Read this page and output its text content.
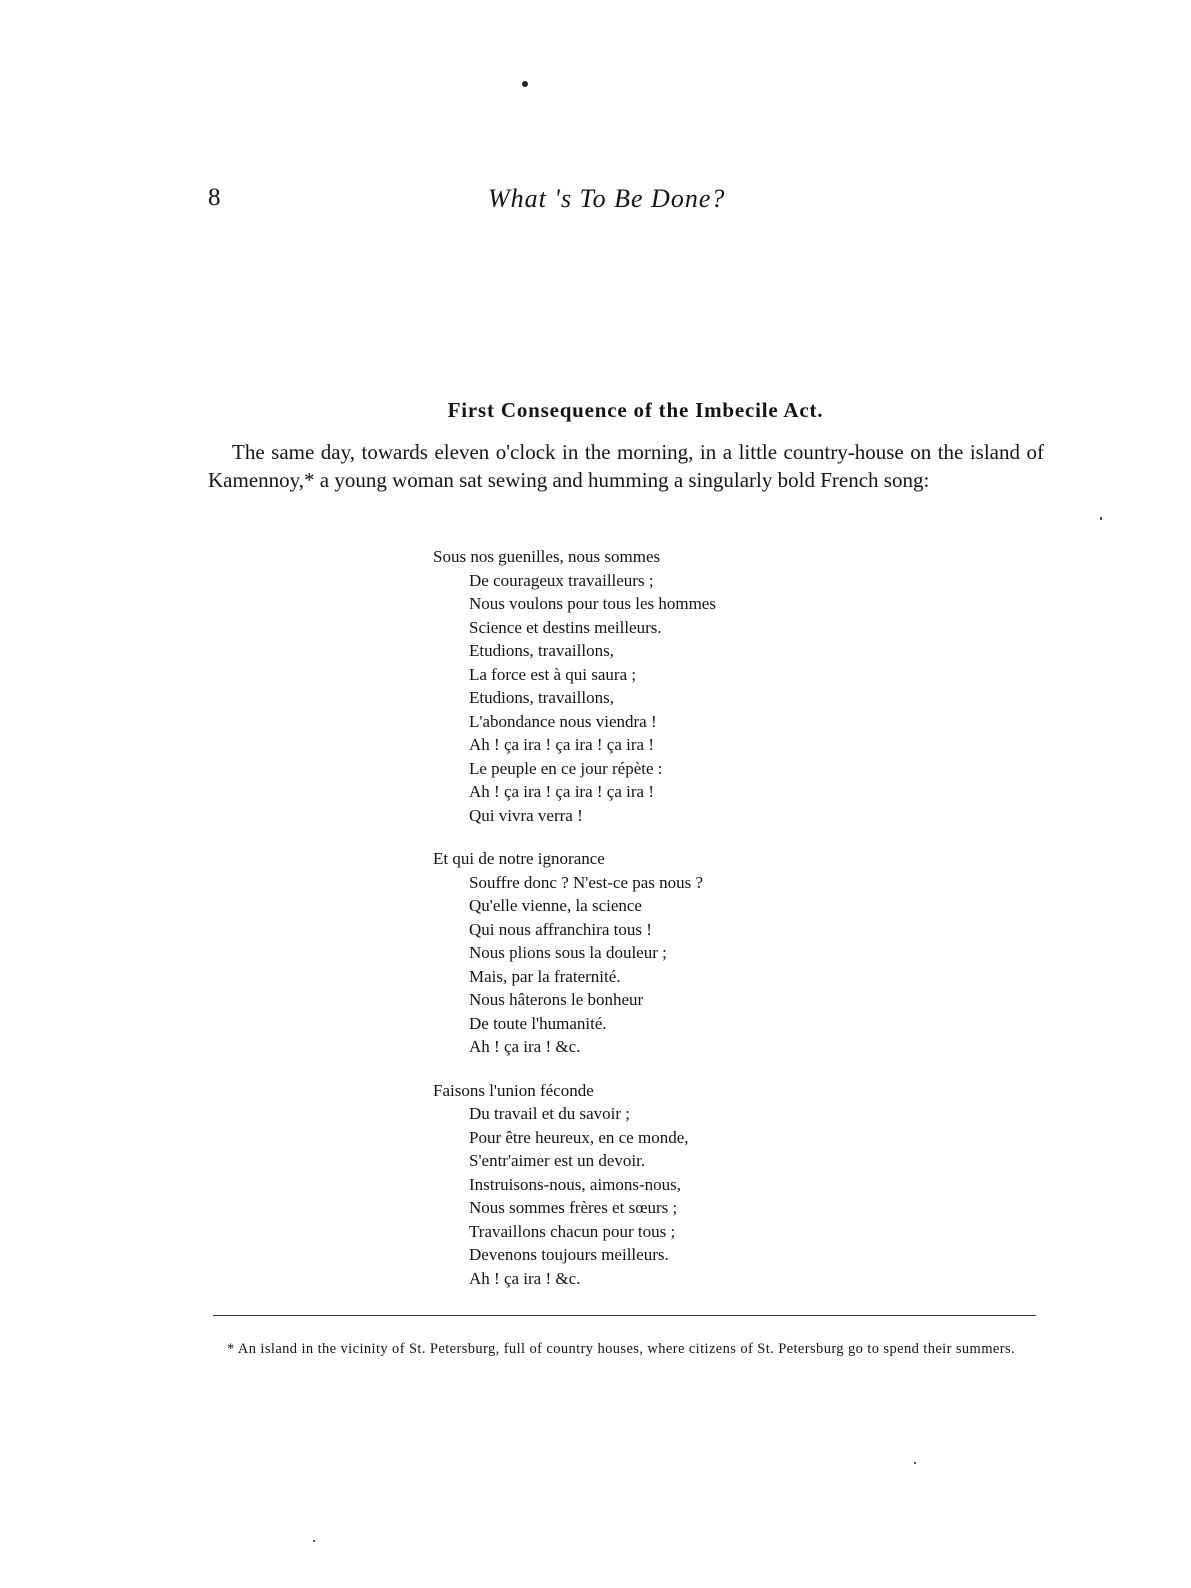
8	What 's To Be Done?
First Consequence of the Imbecile Act.

The same day, towards eleven o'clock in the morning, in a little country-house on the island of Kamennoy,* a young woman sat sewing and humming a singularly bold French song:

Sous nos guenilles, nous sommes
De courageux travailleurs ;
Nous voulons pour tous les hommes
Science et destins meilleurs.
Etudions, travaillons,
La force est à qui saura ;
Etudions, travaillons,
L'abondance nous viendra !
Ah ! ça ira ! ça ira ! ça ira !
Le peuple en ce jour répète :
Ah ! ça ira ! ça ira ! ça ira !
Qui vivra verra !
Et qui de notre ignorance
Souffre donc ? N'est-ce pas nous ?
Qu'elle vienne, la science
Qui nous affranchira tous !
Nous plions sous la douleur ;
Mais, par la fraternité.
Nous hâterons le bonheur
De toute l'humanité.
Ah ! ça ira ! &c.
Faisons l'union féconde
Du travail et du savoir ;
Pour être heureux, en ce monde,
S'entr'aimer est un devoir.
Instruisons-nous, aimons-nous,
Nous sommes frères et sœurs ;
Travaillons chacun pour tous ;
Devenons toujours meilleurs.
Ah ! ça ira ! &c.

* An island in the vicinity of St. Petersburg, full of country houses, where citizens of St. Petersburg go to spend their summers.
